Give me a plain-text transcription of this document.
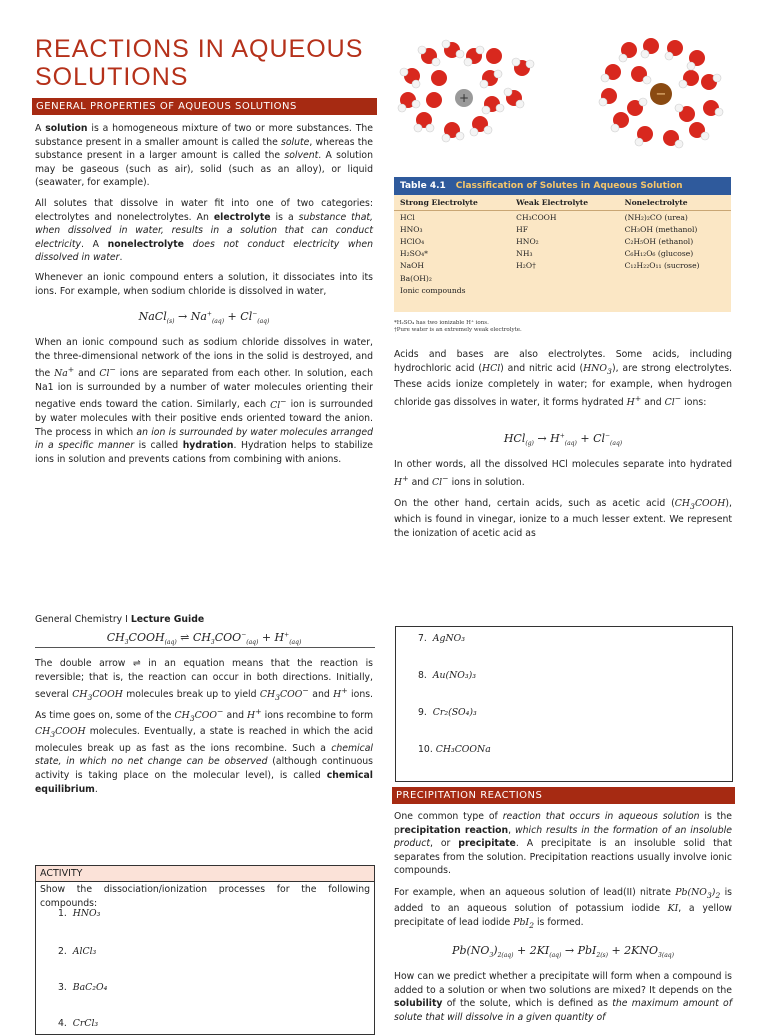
REACTIONS IN AQUEOUS SOLUTIONS
GENERAL PROPERTIES OF AQUEOUS SOLUTIONS
A solution is a homogeneous mixture of two or more substances. The substance present in a smaller amount is called the solute, whereas the substance present in a larger amount is called the solvent. A solution may be gaseous (such as air), solid (such as an alloy), or liquid (seawater, for example).
All solutes that dissolve in water fit into one of two categories: electrolytes and nonelectrolytes. An electrolyte is a substance that, when dissolved in water, results in a solution that can conduct electricity. A nonelectrolyte does not conduct electricity when dissolved in water.
Whenever an ionic compound enters a solution, it dissociates into its ions. For example, when sodium chloride is dissolved in water,
NaCl$_{(s)}$ → $Na^+_{(aq)} + Cl^-_{(aq)}$
When an ionic compound such as sodium chloride dissolves in water, the three-dimensional network of the ions in the solid is destroyed, and the Na+ and Cl− ions are separated from each other. In solution, each Na1 ion is surrounded by a number of water molecules orienting their negative ends toward the cation. Similarly, each Cl− ion is surrounded by water molecules with their positive ends oriented toward the anion. The process in which an ion is surrounded by water molecules arranged in a specific manner is called hydration. Hydration helps to stabilize ions in solution and prevents cations from combining with anions.
+	−
Table 4.1 Classification of Solutes in Aqueous Solution
Strong Electrolyte	Weak Electrolyte	Nonelectrolyte
HCl	CH₃COOH	(NH₂)₂CO (urea)
HNO₃	HF	CH₃OH (methanol)
HClO₄	HNO₂	C₂H₅OH (ethanol)
H₂SO₄*	NH₃	C₆H₁₂O₆ (glucose)
NaOH	H₂O†	C₁₂H₂₂O₁₁ (sucrose)
Ba(OH)₂		
Ionic compounds		
*H₂SO₄ has two ionizable H⁺ ions.
†Pure water is an extremely weak electrolyte.
Acids and bases are also electrolytes. Some acids, including hydrochloric acid (HCl) and nitric acid $(HNO_3)$, are strong electrolytes. These acids ionize completely in water; for example, when hydrogen chloride gas dissolves in water, it forms hydrated H+ and Cl− ions:
$HCl_{(g)} \to H^+_{(aq)} + Cl^-_{(aq)}$
In other words, all the dissolved HCl molecules separate into hydrated H+ and Cl− ions in solution.
On the other hand, certain acids, such as acetic acid $(CH_3COOH)$, which is found in vinegar, ionize to a much lesser extent. We represent the ionization of acetic acid as
General Chemistry I Lecture Guide
$CH_3COOH_{(aq)}$ ⇌ $CH_3COO^-_{(aq)} + H^+_{(aq)}$
The double arrow ⇌ in an equation means that the reaction is reversible; that is, the reaction can occur in both directions. Initially, several $CH_3COOH$ molecules break up to yield $CH_3COO^-$ and H+ ions. As time goes on, some of the $CH_3COO^-$ and H+ ions recombine to form $CH_3COOH$ molecules. Eventually, a state is reached in which the acid molecules break up as fast as the ions recombine. Such a chemical state, in which no net change can be observed (although continuous activity is taking place on the molecular level), is called chemical equilibrium.
ACTIVITY
Show the dissociation/ionization processes for the following compounds:
1.  HNO₃
2.  AlCl₃
3.  BaC₂O₄
4.  CrCl₃
7.  AgNO₃
8.  Au(NO₃)₃
9.  Cr₂(SO₄)₃
10. CH₃COONa
PRECIPITATION REACTIONS
One common type of reaction that occurs in aqueous solution is the precipitation reaction, which results in the formation of an insoluble product, or precipitate. A precipitate is an insoluble solid that separates from the solution. Precipitation reactions usually involve ionic compounds.
For example, when an aqueous solution of lead(II) nitrate $Pb(NO_3)_2$ is added to an aqueous solution of potassium iodide KI, a yellow precipitate of lead iodide PbI$_2$ is formed.
$Pb(NO_3)_{2(aq)} + 2KI_{(aq)} \to PbI_{2(s)} + 2KNO_{3(aq)}$
How can we predict whether a precipitate will form when a compound is added to a solution or when two solutions are mixed? It depends on the solubility of the solute, which is defined as the maximum amount of solute that will dissolve in a given quantity of
